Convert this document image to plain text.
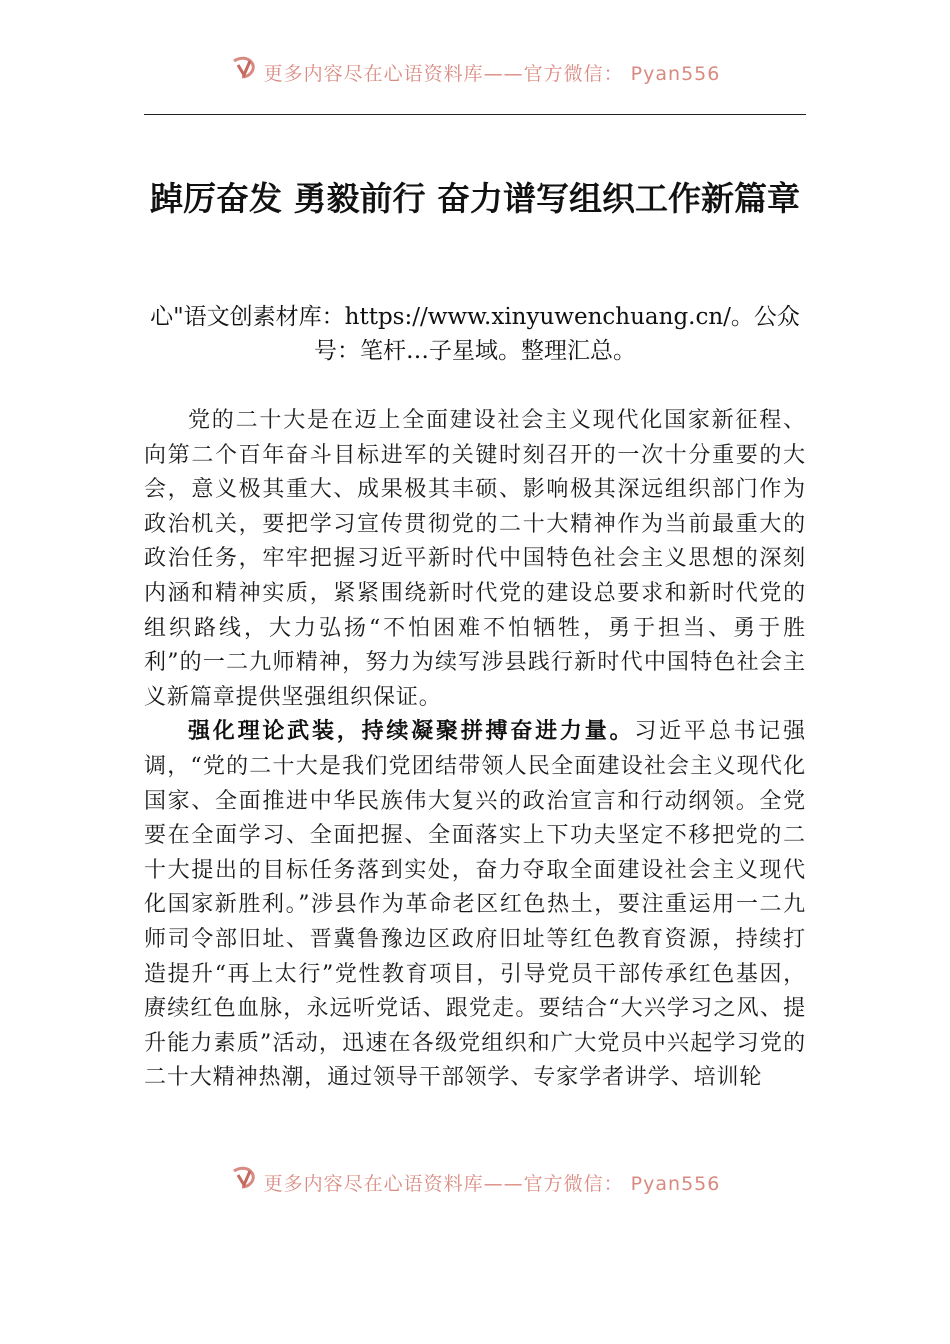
更多内容尽在心语资料库——官方微信： Pyan556
踔厉奋发 勇毅前行 奋力谱写组织工作新篇章
心"语文创素材库：https://www.xinyuwenchuang.cn/。公众号：笔杆…子星域。整理汇总。

党的二十大是在迈上全面建设社会主义现代化国家新征程、向第二个百年奋斗目标进军的关键时刻召开的一次十分重要的大会，意义极其重大、成果极其丰硕、影响极其深远组织部门作为政治机关，要把学习宣传贯彻党的二十大精神作为当前最重大的政治任务，牢牢把握习近平新时代中国特色社会主义思想的深刻内涵和精神实质，紧紧围绕新时代党的建设总要求和新时代党的组织路线，大力弘扬“不怕困难不怕牺牲，勇于担当、勇于胜利”的一二九师精神，努力为续写涉县践行新时代中国特色社会主义新篇章提供坚强组织保证。

强化理论武装，持续凝聚拼搏奋进力量。习近平总书记强调，“党的二十大是我们党团结带领人民全面建设社会主义现代化国家、全面推进中华民族伟大复兴的政治宣言和行动纲领。全党要在全面学习、全面把握、全面落实上下功夫坚定不移把党的二十大提出的目标任务落到实处，奋力夺取全面建设社会主义现代化国家新胜利。”涉县作为革命老区红色热土，要注重运用一二九师司令部旧址、晋冀鲁豫边区政府旧址等红色教育资源，持续打造提升“再上太行”党性教育项目，引导党员干部传承红色基因，赓续红色血脉，永远听党话、跟党走。要结合“大兴学习之风、提升能力素质”活动，迅速在各级党组织和广大党员中兴起学习党的二十大精神热潮，通过领导干部领学、专家学者讲学、培训轮

更多内容尽在心语资料库——官方微信： Pyan556
